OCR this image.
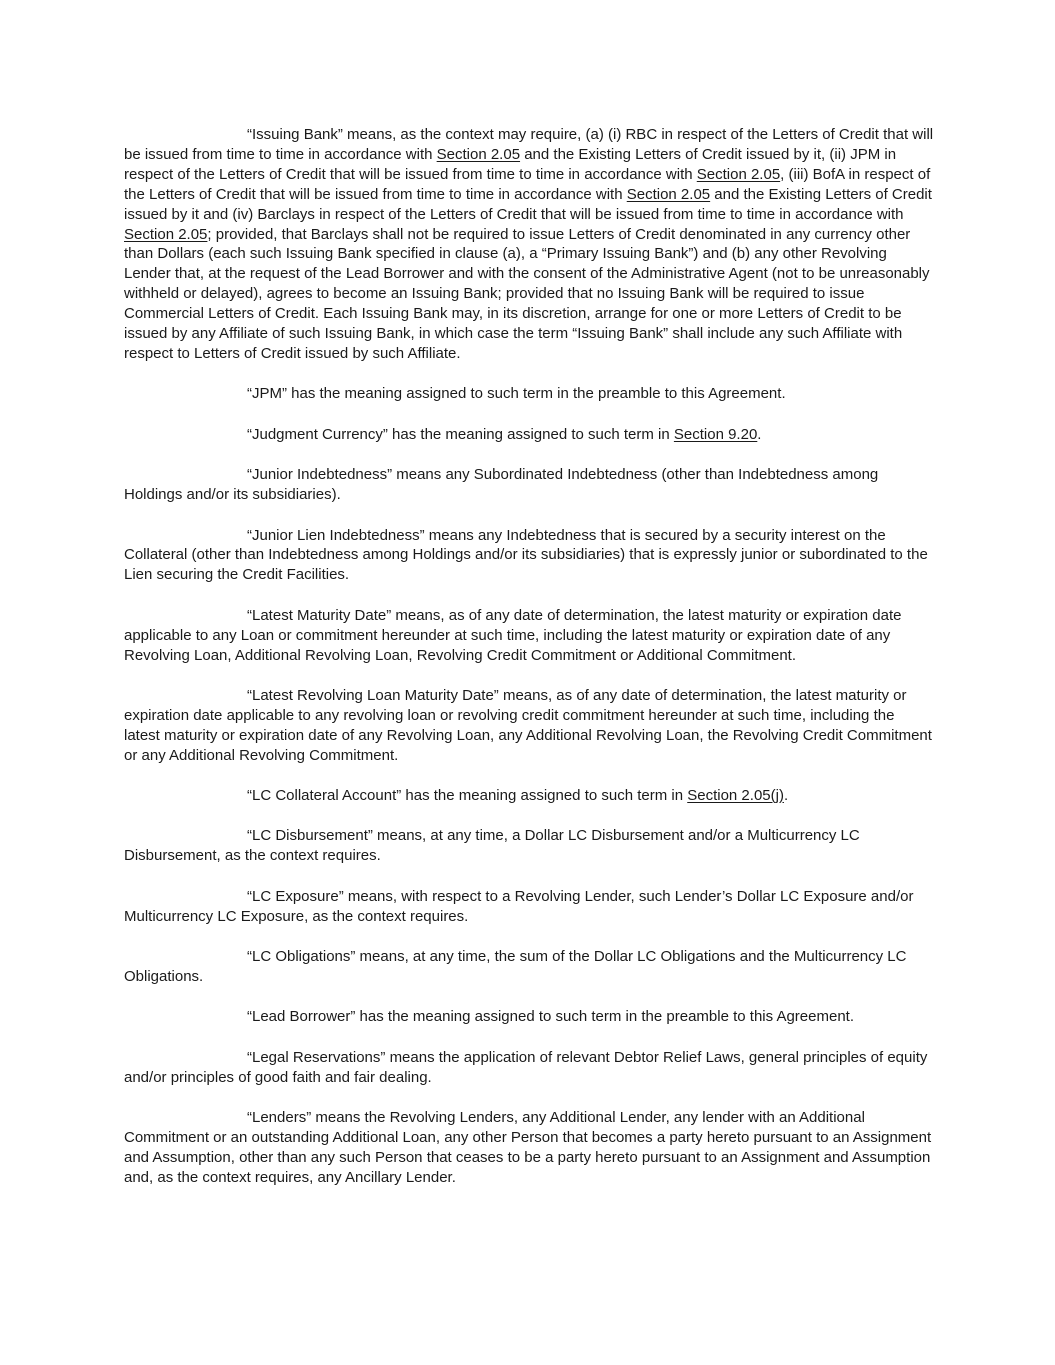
“Issuing Bank” means, as the context may require, (a) (i) RBC in respect of the Letters of Credit that will be issued from time to time in accordance with Section 2.05 and the Existing Letters of Credit issued by it, (ii) JPM in respect of the Letters of Credit that will be issued from time to time in accordance with Section 2.05, (iii) BofA in respect of the Letters of Credit that will be issued from time to time in accordance with Section 2.05 and the Existing Letters of Credit issued by it and (iv) Barclays in respect of the Letters of Credit that will be issued from time to time in accordance with Section 2.05; provided, that Barclays shall not be required to issue Letters of Credit denominated in any currency other than Dollars (each such Issuing Bank specified in clause (a), a “Primary Issuing Bank”) and (b) any other Revolving Lender that, at the request of the Lead Borrower and with the consent of the Administrative Agent (not to be unreasonably withheld or delayed), agrees to become an Issuing Bank; provided that no Issuing Bank will be required to issue Commercial Letters of Credit. Each Issuing Bank may, in its discretion, arrange for one or more Letters of Credit to be issued by any Affiliate of such Issuing Bank, in which case the term “Issuing Bank” shall include any such Affiliate with respect to Letters of Credit issued by such Affiliate.

“JPM” has the meaning assigned to such term in the preamble to this Agreement.

“Judgment Currency” has the meaning assigned to such term in Section 9.20.

“Junior Indebtedness” means any Subordinated Indebtedness (other than Indebtedness among Holdings and/or its subsidiaries).

“Junior Lien Indebtedness” means any Indebtedness that is secured by a security interest on the Collateral (other than Indebtedness among Holdings and/or its subsidiaries) that is expressly junior or subordinated to the Lien securing the Credit Facilities.

“Latest Maturity Date” means, as of any date of determination, the latest maturity or expiration date applicable to any Loan or commitment hereunder at such time, including the latest maturity or expiration date of any Revolving Loan, Additional Revolving Loan, Revolving Credit Commitment or Additional Commitment.

“Latest Revolving Loan Maturity Date” means, as of any date of determination, the latest maturity or expiration date applicable to any revolving loan or revolving credit commitment hereunder at such time, including the latest maturity or expiration date of any Revolving Loan, any Additional Revolving Loan, the Revolving Credit Commitment or any Additional Revolving Commitment.

“LC Collateral Account” has the meaning assigned to such term in Section 2.05(j).

“LC Disbursement” means, at any time, a Dollar LC Disbursement and/or a Multicurrency LC Disbursement, as the context requires.

“LC Exposure” means, with respect to a Revolving Lender, such Lender’s Dollar LC Exposure and/or Multicurrency LC Exposure, as the context requires.

“LC Obligations” means, at any time, the sum of the Dollar LC Obligations and the Multicurrency LC Obligations.

“Lead Borrower” has the meaning assigned to such term in the preamble to this Agreement.

“Legal Reservations” means the application of relevant Debtor Relief Laws, general principles of equity and/or principles of good faith and fair dealing.

“Lenders” means the Revolving Lenders, any Additional Lender, any lender with an Additional Commitment or an outstanding Additional Loan, any other Person that becomes a party hereto pursuant to an Assignment and Assumption, other than any such Person that ceases to be a party hereto pursuant to an Assignment and Assumption and, as the context requires, any Ancillary Lender.
